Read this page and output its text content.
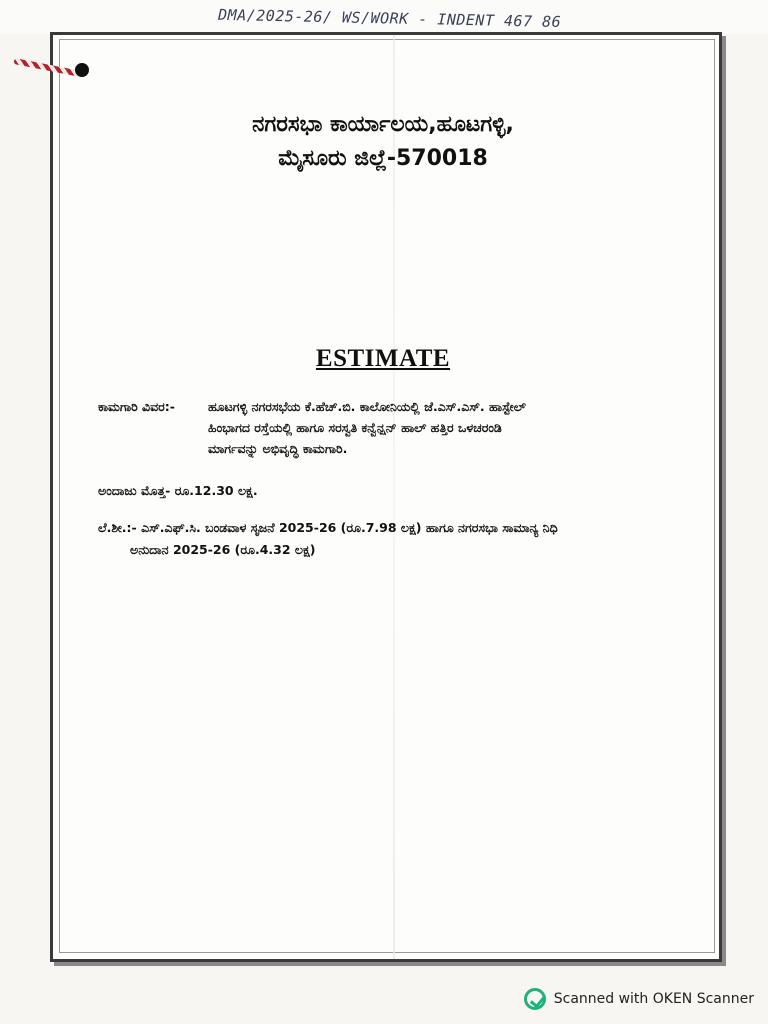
DMA/2025-26/ WS/WORK - INDENT 467 86
ನಗರಸಭಾ ಕಾರ್ಯಾಲಯ,ಹೂಟಗಳ್ಳಿ,
ಮೈಸೂರು ಜಿಲ್ಲೆ-570018
ESTIMATE
ಕಾಮಗಾರಿ ವಿವರ:-	ಹೂಟಗಳ್ಳಿ ನಗರಸಭೆಯ ಕೆ.ಹೆಚ್.ಬಿ. ಕಾಲೋನಿಯಲ್ಲಿ ಜೆ.ಎಸ್.ಎಸ್. ಹಾಸ್ಟೇಲ್
ಹಿಂಭಾಗದ ರಸ್ತೆಯಲ್ಲಿ ಹಾಗೂ ಸರಸ್ವತಿ ಕನ್ವೆನ್ಷನ್ ಹಾಲ್ ಹತ್ತಿರ ಒಳಚರಂಡಿ
ಮಾರ್ಗವನ್ನು ಅಭಿವೃದ್ಧಿ ಕಾಮಗಾರಿ.
ಅಂದಾಜು ಮೊತ್ತ- ರೂ.12.30 ಲಕ್ಷ.
ಲೆ.ಶೀ.:- ಎಸ್.ಎಫ್.ಸಿ. ಬಂಡವಾಳ ಸೃಜನೆ 2025-26 (ರೂ.7.98 ಲಕ್ಷ) ಹಾಗೂ ನಗರಸಭಾ ಸಾಮಾನ್ಯ ನಿಧಿ
ಅನುದಾನ 2025-26 (ರೂ.4.32 ಲಕ್ಷ)
Scanned with OKEN Scanner
